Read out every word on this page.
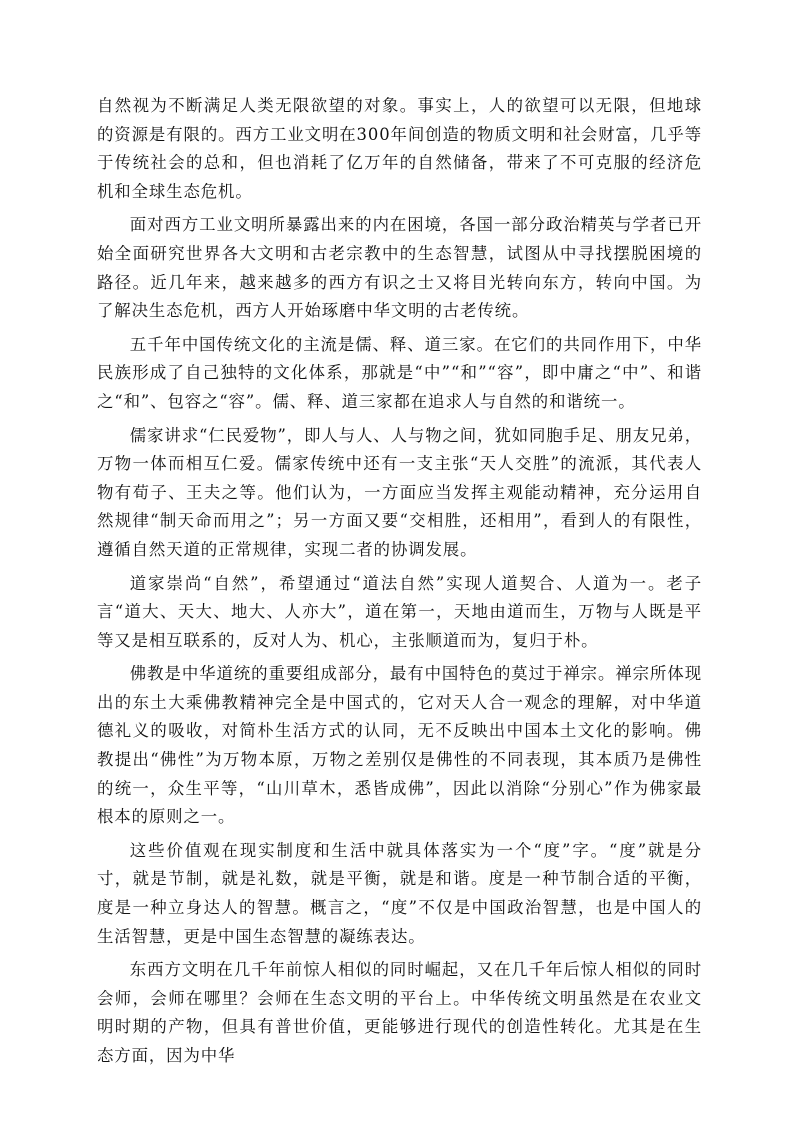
自然视为不断满足人类无限欲望的对象。事实上，人的欲望可以无限，但地球的资源是有限的。西方工业文明在300年间创造的物质文明和社会财富，几乎等于传统社会的总和，但也消耗了亿万年的自然储备，带来了不可克服的经济危机和全球生态危机。

面对西方工业文明所暴露出来的内在困境，各国一部分政治精英与学者已开始全面研究世界各大文明和古老宗教中的生态智慧，试图从中寻找摆脱困境的路径。近几年来，越来越多的西方有识之士又将目光转向东方，转向中国。为了解决生态危机，西方人开始琢磨中华文明的古老传统。

五千年中国传统文化的主流是儒、释、道三家。在它们的共同作用下，中华民族形成了自己独特的文化体系，那就是“中”“和”“容”，即中庸之“中”、和谐之“和”、包容之“容”。儒、释、道三家都在追求人与自然的和谐统一。

儒家讲求“仁民爱物”，即人与人、人与物之间，犹如同胞手足、朋友兄弟，万物一体而相互仁爱。儒家传统中还有一支主张“天人交胜”的流派，其代表人物有荀子、王夫之等。他们认为，一方面应当发挥主观能动精神，充分运用自然规律“制天命而用之”；另一方面又要“交相胜，还相用”，看到人的有限性，遵循自然天道的正常规律，实现二者的协调发展。

道家崇尚“自然”，希望通过“道法自然”实现人道契合、人道为一。老子言“道大、天大、地大、人亦大”，道在第一，天地由道而生，万物与人既是平等又是相互联系的，反对人为、机心，主张顺道而为，复归于朴。

佛教是中华道统的重要组成部分，最有中国特色的莫过于禅宗。禅宗所体现出的东土大乘佛教精神完全是中国式的，它对天人合一观念的理解，对中华道德礼义的吸收，对简朴生活方式的认同，无不反映出中国本土文化的影响。佛教提出“佛性”为万物本原，万物之差别仅是佛性的不同表现，其本质乃是佛性的统一，众生平等，“山川草木，悉皆成佛”，因此以消除“分别心”作为佛家最根本的原则之一。

这些价值观在现实制度和生活中就具体落实为一个“度”字。“度”就是分寸，就是节制，就是礼数，就是平衡，就是和谐。度是一种节制合适的平衡，度是一种立身达人的智慧。概言之，“度”不仅是中国政治智慧，也是中国人的生活智慧，更是中国生态智慧的凝练表达。

东西方文明在几千年前惊人相似的同时崛起，又在几千年后惊人相似的同时会师，会师在哪里？会师在生态文明的平台上。中华传统文明虽然是在农业文明时期的产物，但具有普世价值，更能够进行现代的创造性转化。尤其是在生态方面，因为中华
